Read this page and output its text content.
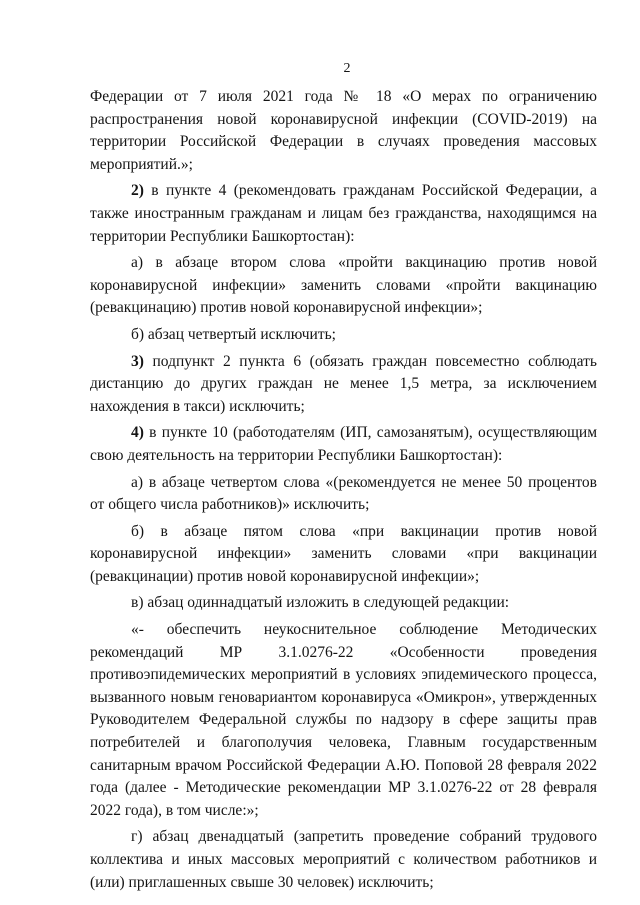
2

Федерации от 7 июля 2021 года № 18 «О мерах по ограничению распространения новой коронавирусной инфекции (COVID-2019) на территории Российской Федерации в случаях проведения массовых мероприятий.»;

2) в пункте 4 (рекомендовать гражданам Российской Федерации, а также иностранным гражданам и лицам без гражданства, находящимся на территории Республики Башкортостан):

а) в абзаце втором слова «пройти вакцинацию против новой коронавирусной инфекции» заменить словами «пройти вакцинацию (ревакцинацию) против новой коронавирусной инфекции»;

б) абзац четвертый исключить;

3) подпункт 2 пункта 6 (обязать граждан повсеместно соблюдать дистанцию до других граждан не менее 1,5 метра, за исключением нахождения в такси) исключить;

4) в пункте 10 (работодателям (ИП, самозанятым), осуществляющим свою деятельность на территории Республики Башкортостан):

а) в абзаце четвертом слова «(рекомендуется не менее 50 процентов от общего числа работников)» исключить;

б) в абзаце пятом слова «при вакцинации против новой коронавирусной инфекции» заменить словами «при вакцинации (ревакцинации) против новой коронавирусной инфекции»;

в) абзац одиннадцатый изложить в следующей редакции:

«- обеспечить неукоснительное соблюдение Методических рекомендаций МР 3.1.0276-22 «Особенности проведения противоэпидемических мероприятий в условиях эпидемического процесса, вызванного новым геновариантом коронавируса «Омикрон», утвержденных Руководителем Федеральной службы по надзору в сфере защиты прав потребителей и благополучия человека, Главным государственным санитарным врачом Российской Федерации А.Ю. Поповой 28 февраля 2022 года (далее - Методические рекомендации МР 3.1.0276-22 от 28 февраля 2022 года), в том числе:»;

г) абзац двенадцатый (запретить проведение собраний трудового коллектива и иных массовых мероприятий с количеством работников и (или) приглашенных свыше 30 человек) исключить;
